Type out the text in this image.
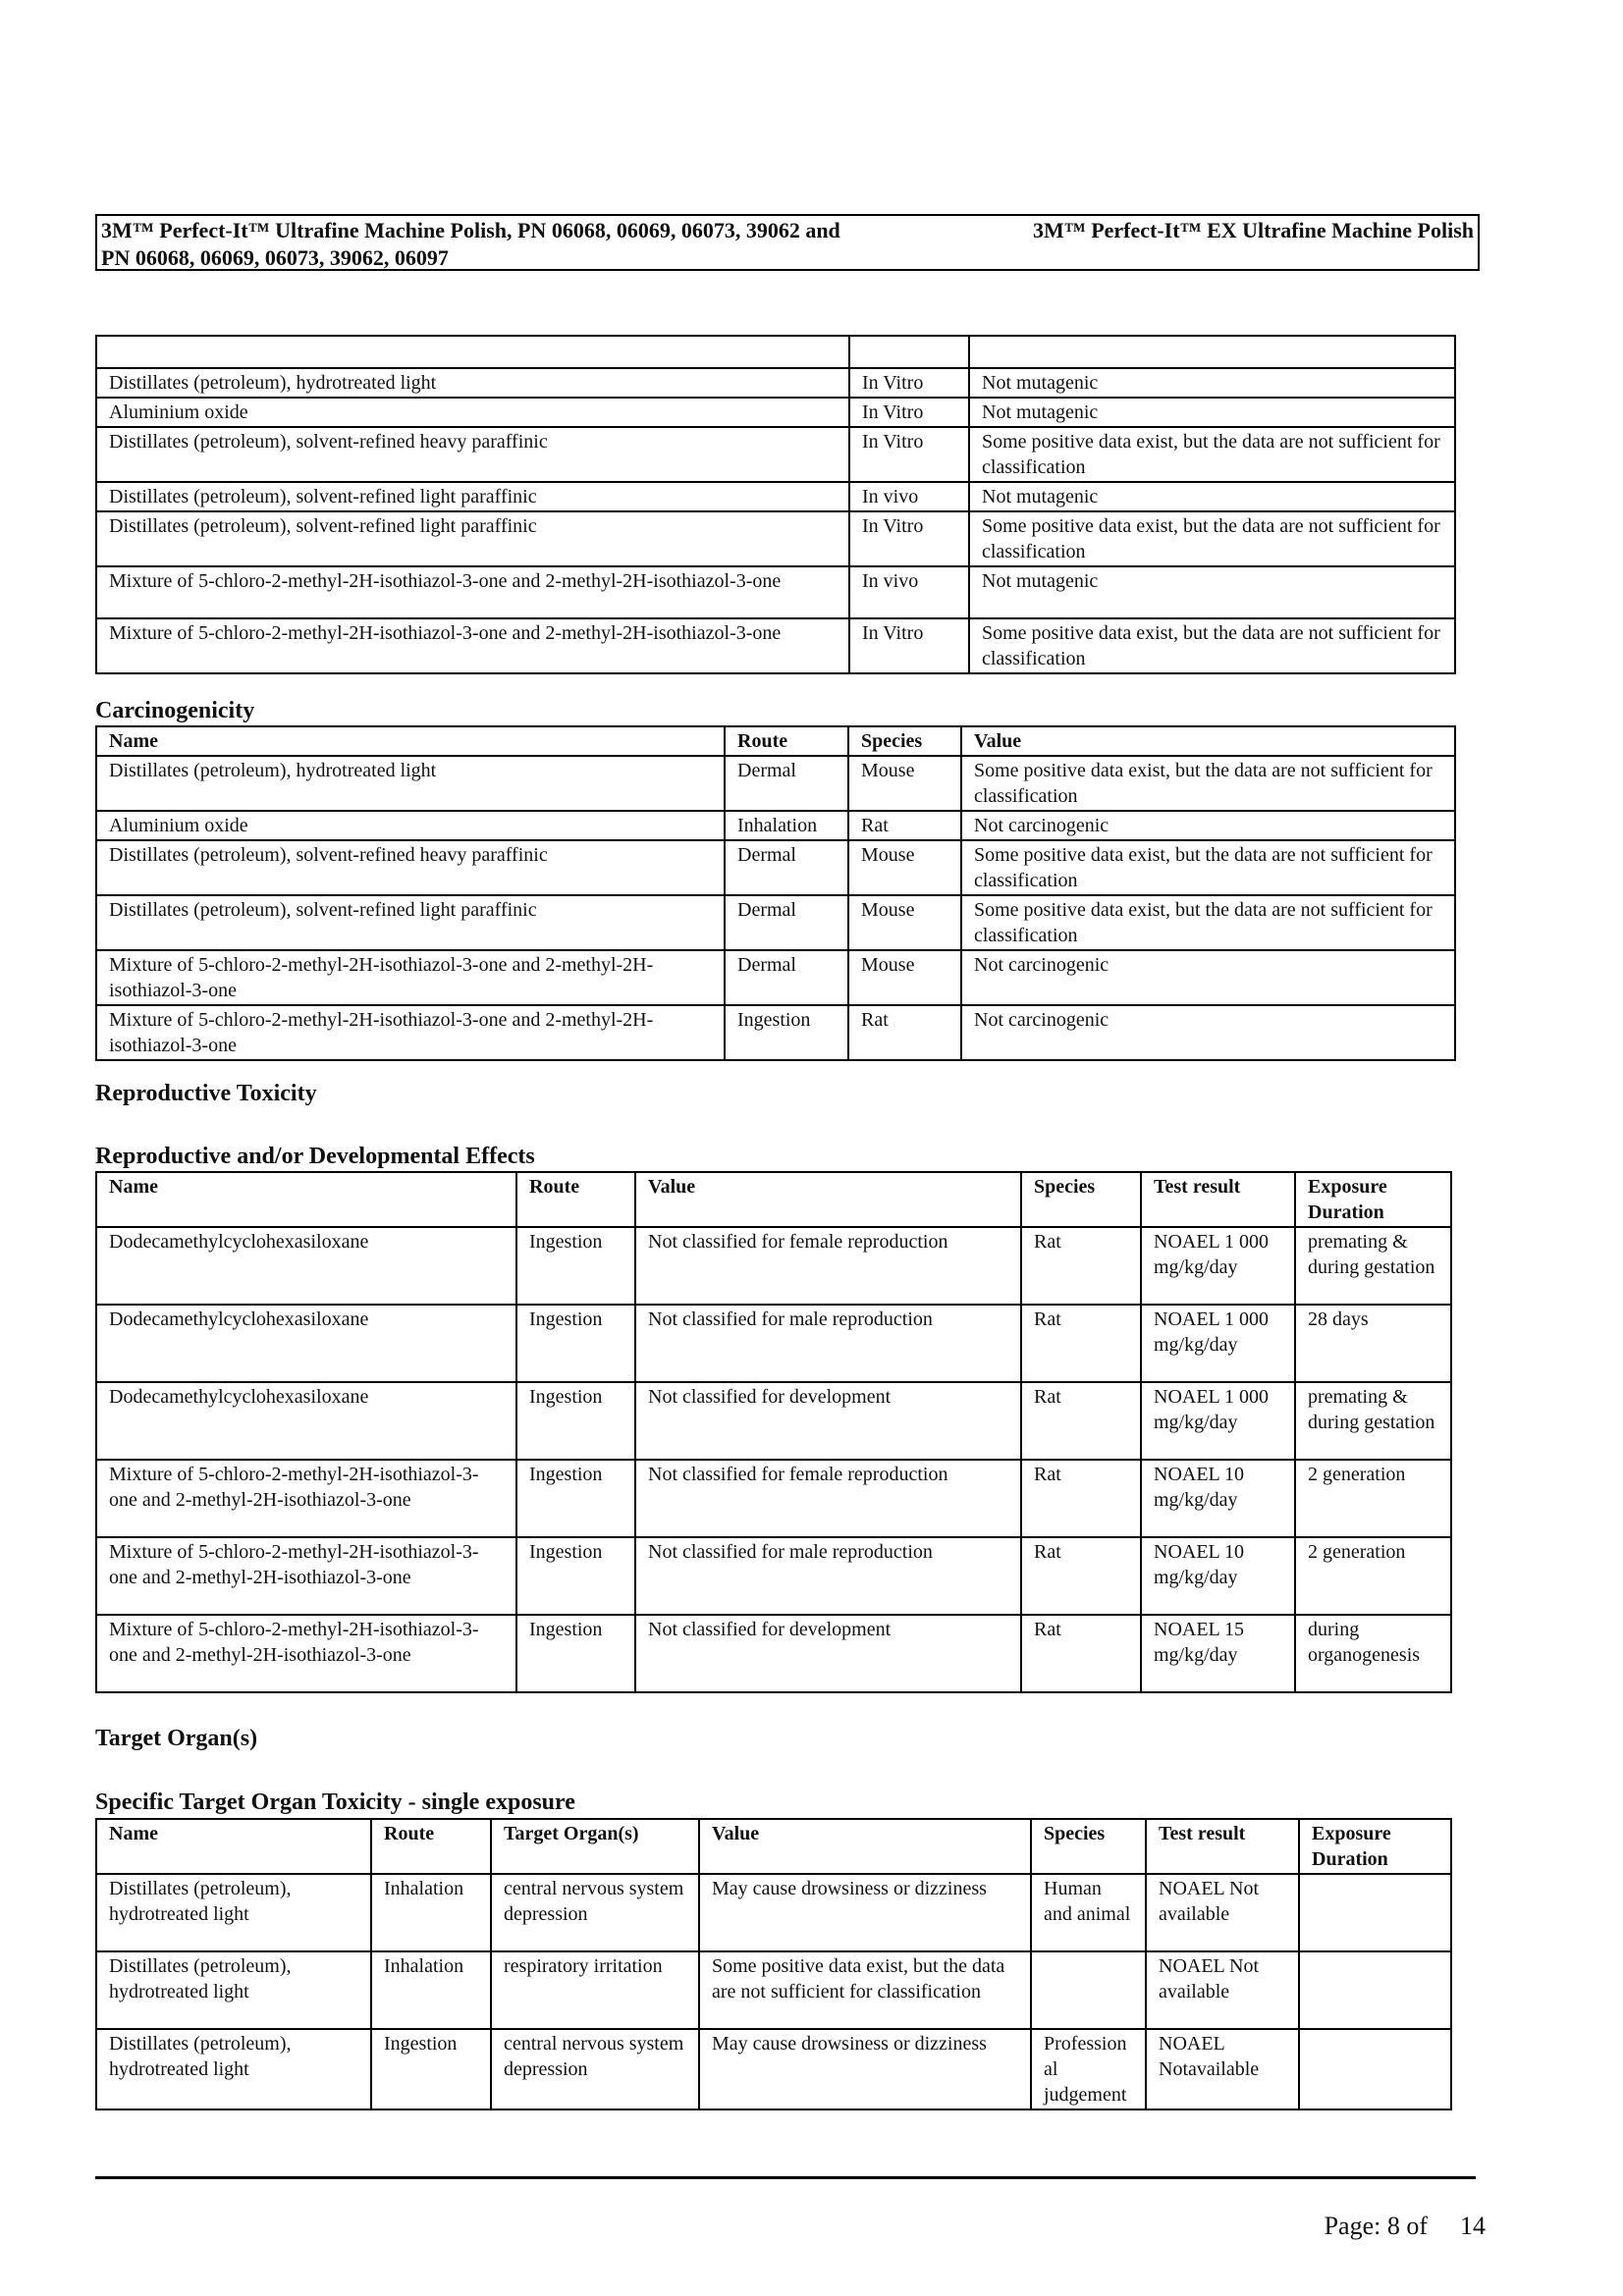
3M™ Perfect-It™ Ultrafine Machine Polish, PN 06068, 06069, 06073, 39062 and	3M™ Perfect-It™ EX Ultrafine Machine Polish
PN 06068, 06069, 06073, 39062, 06097

Distillates (petroleum), hydrotreated light	In Vitro	Not mutagenic
Aluminium oxide	In Vitro	Not mutagenic
Distillates (petroleum), solvent-refined heavy paraffinic	In Vitro	Some positive data exist, but the data are not sufficient for classification
Distillates (petroleum), solvent-refined light paraffinic	In vivo	Not mutagenic
Distillates (petroleum), solvent-refined light paraffinic	In Vitro	Some positive data exist, but the data are not sufficient for classification
Mixture of 5-chloro-2-methyl-2H-isothiazol-3-one and 2-methyl-2H-isothiazol-3-one	In vivo	Not mutagenic
Mixture of 5-chloro-2-methyl-2H-isothiazol-3-one and 2-methyl-2H-isothiazol-3-one	In Vitro	Some positive data exist, but the data are not sufficient for classification
Carcinogenicity
Name	Route	Species	Value
Distillates (petroleum), hydrotreated light	Dermal	Mouse	Some positive data exist, but the data are not sufficient for classification
Aluminium oxide	Inhalation	Rat	Not carcinogenic
Distillates (petroleum), solvent-refined heavy paraffinic	Dermal	Mouse	Some positive data exist, but the data are not sufficient for classification
Distillates (petroleum), solvent-refined light paraffinic	Dermal	Mouse	Some positive data exist, but the data are not sufficient for classification
Mixture of 5-chloro-2-methyl-2H-isothiazol-3-one and 2-methyl-2H-isothiazol-3-one	Dermal	Mouse	Not carcinogenic
Mixture of 5-chloro-2-methyl-2H-isothiazol-3-one and 2-methyl-2H-isothiazol-3-one	Ingestion	Rat	Not carcinogenic
Reproductive Toxicity
Reproductive and/or Developmental Effects
Name	Route	Value	Species	Test result	Exposure Duration
Dodecamethylcyclohexasiloxane	Ingestion	Not classified for female reproduction	Rat	NOAEL 1 000 mg/kg/day	premating & during gestation
Dodecamethylcyclohexasiloxane	Ingestion	Not classified for male reproduction	Rat	NOAEL 1 000 mg/kg/day	28 days
Dodecamethylcyclohexasiloxane	Ingestion	Not classified for development	Rat	NOAEL 1 000 mg/kg/day	premating & during gestation
Mixture of 5-chloro-2-methyl-2H-isothiazol-3-one and 2-methyl-2H-isothiazol-3-one	Ingestion	Not classified for female reproduction	Rat	NOAEL 10 mg/kg/day	2 generation
Mixture of 5-chloro-2-methyl-2H-isothiazol-3-one and 2-methyl-2H-isothiazol-3-one	Ingestion	Not classified for male reproduction	Rat	NOAEL 10 mg/kg/day	2 generation
Mixture of 5-chloro-2-methyl-2H-isothiazol-3-one and 2-methyl-2H-isothiazol-3-one	Ingestion	Not classified for development	Rat	NOAEL 15 mg/kg/day	during organogenesis
Target Organ(s)
Specific Target Organ Toxicity - single exposure
Name	Route	Target Organ(s)	Value	Species	Test result	Exposure Duration
Distillates (petroleum), hydrotreated light	Inhalation	central nervous system depression	May cause drowsiness or dizziness	Human and animal	NOAEL Not available	
Distillates (petroleum), hydrotreated light	Inhalation	respiratory irritation	Some positive data exist, but the data are not sufficient for classification		NOAEL Not available	
Distillates (petroleum), hydrotreated light	Ingestion	central nervous system depression	May cause drowsiness or dizziness	Professional judgement	NOAEL Notavailable	
Page: 8 of 14
